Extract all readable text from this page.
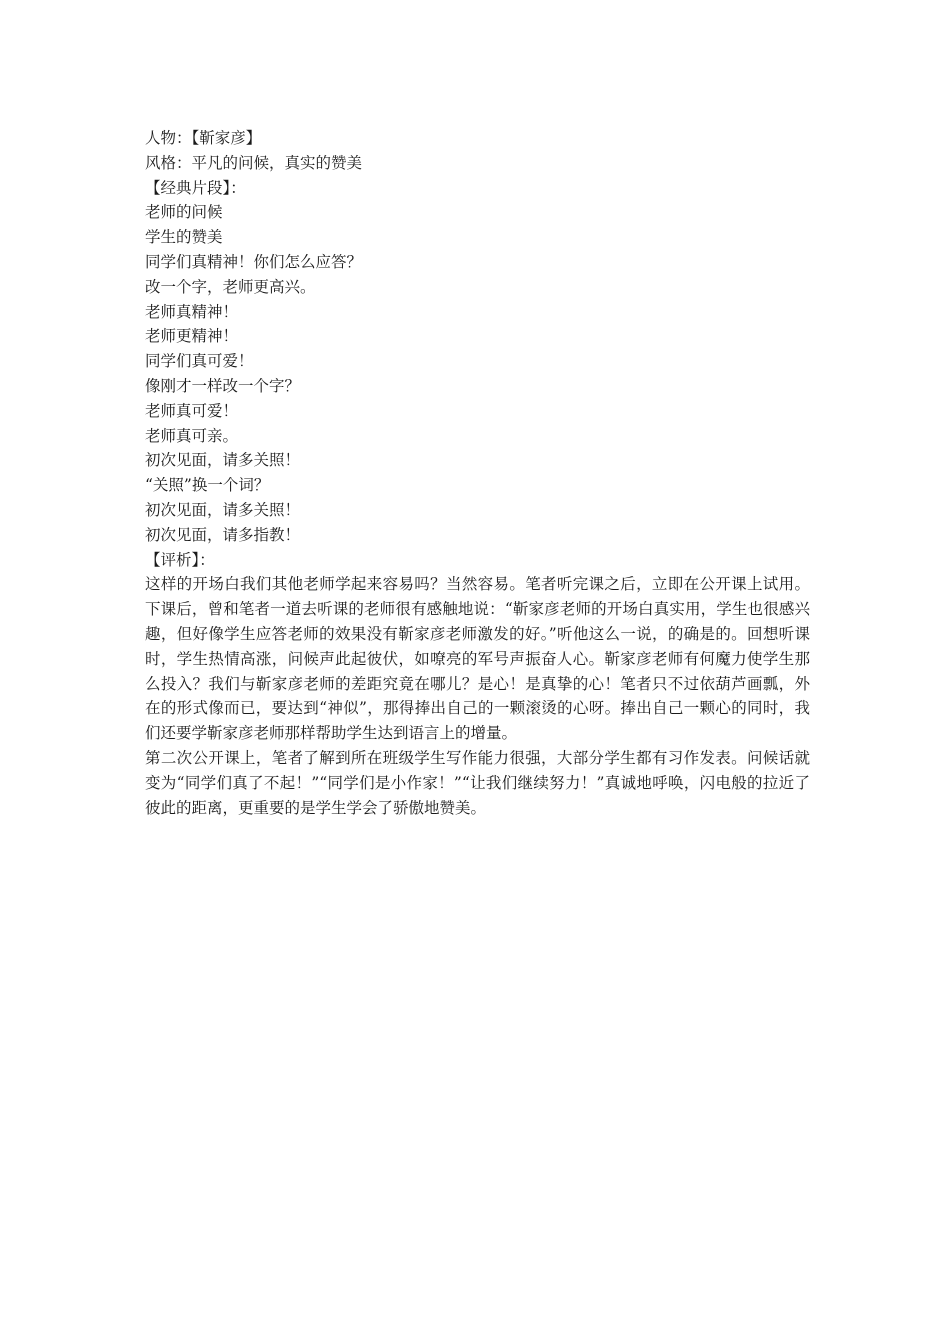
人物：【靳家彦】
风格：平凡的问候，真实的赞美
【经典片段】：
老师的问候
学生的赞美
同学们真精神！你们怎么应答？
改一个字，老师更高兴。
老师真精神！
老师更精神！
同学们真可爱！
像刚才一样改一个字？
老师真可爱！
老师真可亲。
初次见面，请多关照！
“关照”换一个词？
初次见面，请多关照！
初次见面，请多指教！
【评析】：
这样的开场白我们其他老师学起来容易吗？当然容易。笔者听完课之后，立即在公开课上试用。下课后，曾和笔者一道去听课的老师很有感触地说：“靳家彦老师的开场白真实用，学生也很感兴趣，但好像学生应答老师的效果没有靳家彦老师激发的好。”听他这么一说，的确是的。回想听课时，学生热情高涨，问候声此起彼伏，如嘹亮的军号声振奋人心。靳家彦老师有何魔力使学生那么投入？我们与靳家彦老师的差距究竟在哪儿？是心！是真挚的心！笔者只不过依葫芦画瓢，外在的形式像而已，要达到“神似”，那得捧出自己的一颗滚烫的心呀。捧出自己一颗心的同时，我们还要学靳家彦老师那样帮助学生达到语言上的增量。
第二次公开课上，笔者了解到所在班级学生写作能力很强，大部分学生都有习作发表。问候话就变为“同学们真了不起！”“同学们是小作家！”“让我们继续努力！”真诚地呼唤，闪电般的拉近了彼此的距离，更重要的是学生学会了骄傲地赞美。
